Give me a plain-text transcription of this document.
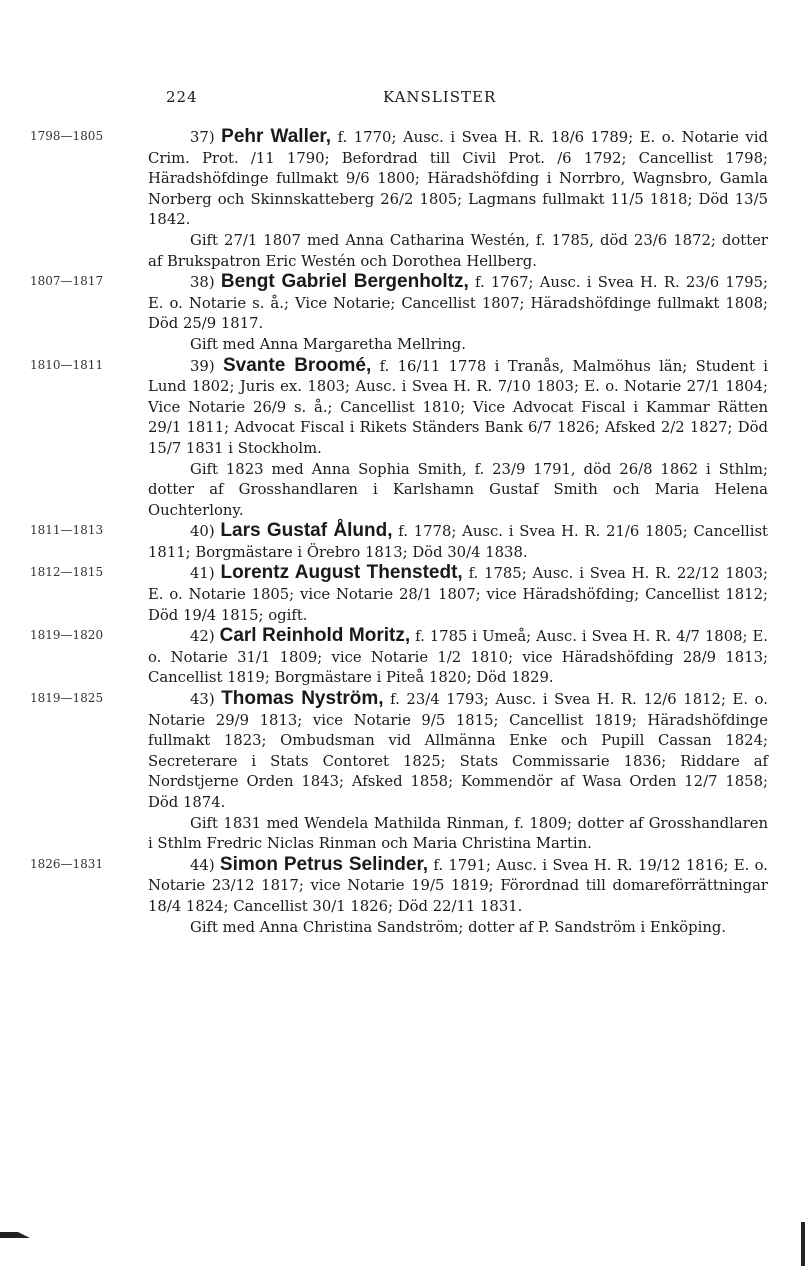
224	KANSLISTER
1798—1805	37) Pehr Waller, f. 1770; Ausc. i Svea H. R. 18/6 1789; E. o. Notarie vid Crim. Prot. /11 1790; Befordrad till Civil Prot. /6 1792; Cancellist 1798; Häradshöfdinge fullmakt 9/6 1800; Häradshöfding i Norrbro, Wagnsbro, Gamla Norberg och Skinnskatteberg 26/2 1805; Lagmans fullmakt 11/5 1818; Död 13/5 1842.

Gift 27/1 1807 med Anna Catharina Westén, f. 1785, död 23/6 1872; dotter af Brukspatron Eric Westén och Dorothea Hellberg.

1807—1817	38) Bengt Gabriel Bergenholtz, f. 1767; Ausc. i Svea H. R. 23/6 1795; E. o. Notarie s. å.; Vice Notarie; Cancellist 1807; Häradshöfdinge fullmakt 1808; Död 25/9 1817.

Gift med Anna Margaretha Mellring.

1810—1811	39) Svante Broomé, f. 16/11 1778 i Tranås, Malmöhus län; Student i Lund 1802; Juris ex. 1803; Ausc. i Svea H. R. 7/10 1803; E. o. Notarie 27/1 1804; Vice Notarie 26/9 s. å.; Cancellist 1810; Vice Advocat Fiscal i Kammar Rätten 29/1 1811; Advocat Fiscal i Rikets Ständers Bank 6/7 1826; Afsked 2/2 1827; Död 15/7 1831 i Stockholm.

Gift 1823 med Anna Sophia Smith, f. 23/9 1791, död 26/8 1862 i Sthlm; dotter af Grosshandlaren i Karlshamn Gustaf Smith och Maria Helena Ouchterlony.

1811—1813	40) Lars Gustaf Ålund, f. 1778; Ausc. i Svea H. R. 21/6 1805; Cancellist 1811; Borgmästare i Örebro 1813; Död 30/4 1838.

1812—1815	41) Lorentz August Thenstedt, f. 1785; Ausc. i Svea H. R. 22/12 1803; E. o. Notarie 1805; vice Notarie 28/1 1807; vice Häradshöfding; Cancellist 1812; Död 19/4 1815; ogift.

1819—1820	42) Carl Reinhold Moritz, f. 1785 i Umeå; Ausc. i Svea H. R. 4/7 1808; E. o. Notarie 31/1 1809; vice Notarie 1/2 1810; vice Häradshöfding 28/9 1813; Cancellist 1819; Borgmästare i Piteå 1820; Död 1829.

1819—1825	43) Thomas Nyström, f. 23/4 1793; Ausc. i Svea H. R. 12/6 1812; E. o. Notarie 29/9 1813; vice Notarie 9/5 1815; Cancellist 1819; Häradshöfdinge fullmakt 1823; Ombudsman vid Allmänna Enke och Pupill Cassan 1824; Secreterare i Stats Contoret 1825; Stats Commissarie 1836; Riddare af Nordstjerne Orden 1843; Afsked 1858; Kommendör af Wasa Orden 12/7 1858; Död 1874.

Gift 1831 med Wendela Mathilda Rinman, f. 1809; dotter af Grosshandlaren i Sthlm Fredric Niclas Rinman och Maria Christina Martin.

1826—1831	44) Simon Petrus Selinder, f. 1791; Ausc. i Svea H. R. 19/12 1816; E. o. Notarie 23/12 1817; vice Notarie 19/5 1819; Förordnad till domareförrättningar 18/4 1824; Cancellist 30/1 1826; Död 22/11 1831.

Gift med Anna Christina Sandström; dotter af P. Sandström i Enköping.
